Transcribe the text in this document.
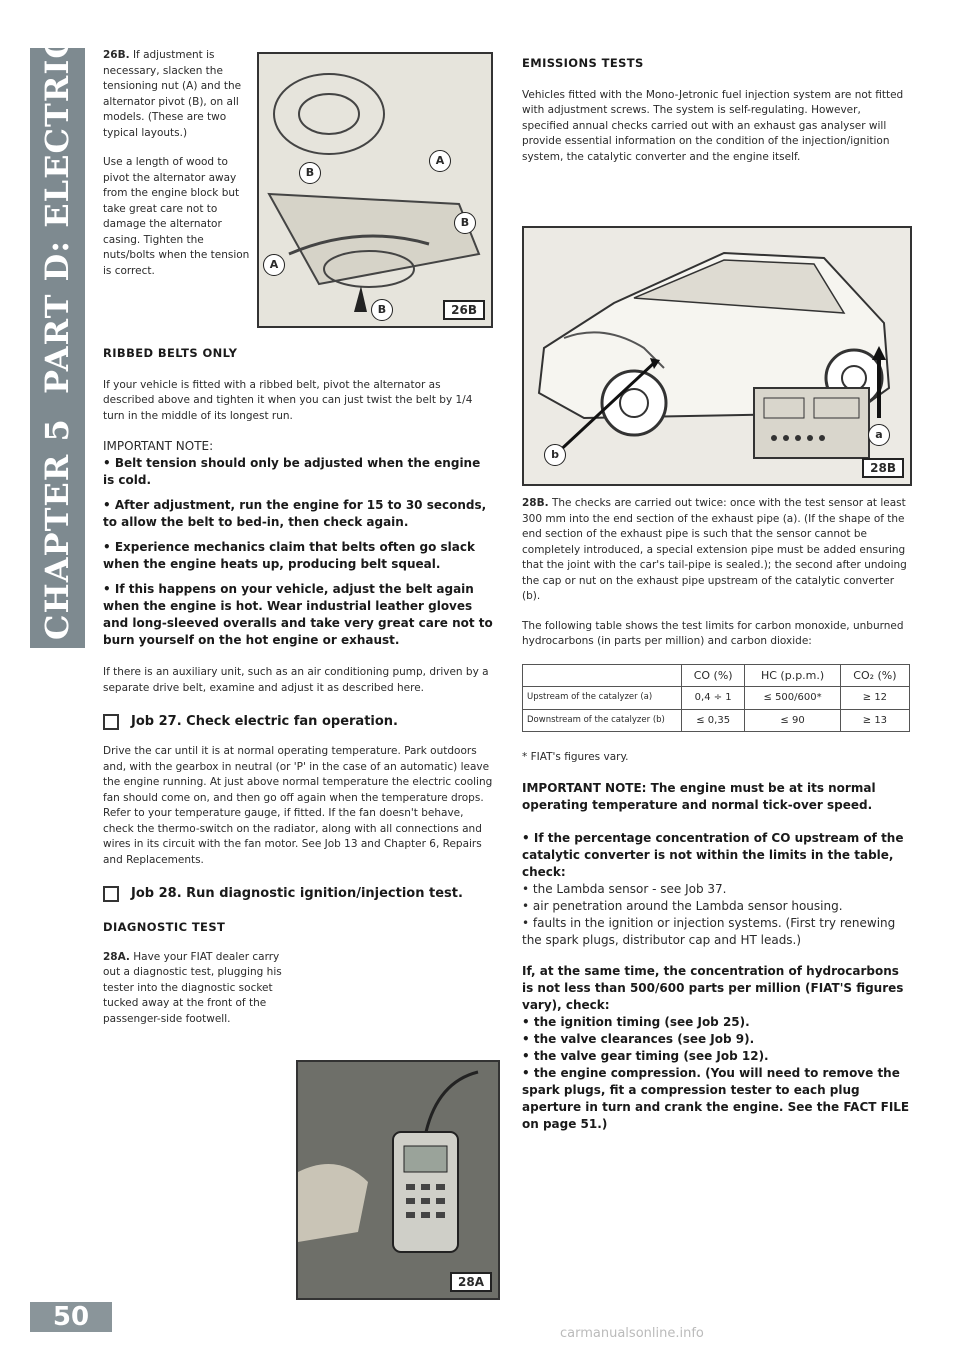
CHAPTER 5  PART D: ELECTRICS
50

26B. If adjustment is necessary, slacken the tensioning nut (A) and the alternator pivot (B), on all models. (These are two typical layouts.)

Use a length of wood to pivot the alternator away from the engine block but take great care not to damage the alternator casing. Tighten the nuts/bolts when the tension is correct.

A
B
B
A
B	26B

RIBBED BELTS ONLY

If your vehicle is fitted with a ribbed belt, pivot the alternator as described above and tighten it when you can just twist the belt by 1/4 turn in the middle of its longest run.

IMPORTANT NOTE:

• Belt tension should only be adjusted when the engine is cold.

• After adjustment, run the engine for 15 to 30 seconds, to allow the belt to bed-in, then check again.

• Experience mechanics claim that belts often go slack when the engine heats up, producing belt squeal.

• If this happens on your vehicle, adjust the belt again when the engine is hot. Wear industrial leather gloves and long-sleeved overalls and take very great care not to burn yourself on the hot engine or exhaust.

If there is an auxiliary unit, such as an air conditioning pump, driven by a separate drive belt, examine and adjust it as described here.

Job 27. Check electric fan operation.

Drive the car until it is at normal operating temperature. Park outdoors and, with the gearbox in neutral (or 'P' in the case of an automatic) leave the engine running. At just above normal temperature the electric cooling fan should come on, and then go off again when the temperature drops. Refer to your temperature gauge, if fitted. If the fan doesn't behave, check the thermo-switch on the radiator, along with all connections and wires in its circuit with the fan motor. See Job 13 and Chapter 6, Repairs and Replacements.

Job 28. Run diagnostic ignition/injection test.

DIAGNOSTIC TEST

28A. Have your FIAT dealer carry out a diagnostic test, plugging his tester into the diagnostic socket tucked away at the front of the passenger-side footwell.

28A

EMISSIONS TESTS

Vehicles fitted with the Mono-Jetronic fuel injection system are not fitted with adjustment screws. The system is self-regulating. However, specified annual checks carried out with an exhaust gas analyser will provide essential information on the condition of the injection/ignition system, the catalytic converter and the engine itself.

b
a
28B

28B. The checks are carried out twice: once with the test sensor at least 300 mm into the end section of the exhaust pipe (a). (If the shape of the end section of the exhaust pipe is such that the sensor cannot be completely introduced, a special extension pipe must be added ensuring that the joint with the car's tail-pipe is sealed.); the second after undoing the cap or nut on the exhaust pipe upstream of the catalytic converter (b).

The following table shows the test limits for carbon monoxide, unburned hydrocarbons (in parts per million) and carbon dioxide:

	CO (%)	HC (p.p.m.)	CO₂ (%)
Upstream of the catalyzer (a)	0,4 ÷ 1	≤ 500/600*	≥ 12
Downstream of the catalyzer (b)	≤ 0,35	≤ 90	≥ 13

* FIAT's figures vary.

IMPORTANT NOTE: The engine must be at its normal operating temperature and normal tick-over speed.

• If the percentage concentration of CO upstream of the catalytic converter is not within the limits in the table, check:

• the Lambda sensor - see Job 37.

• air penetration around the Lambda sensor housing.

• faults in the ignition or injection systems. (First try renewing the spark plugs, distributor cap and HT leads.)

If, at the same time, the concentration of hydrocarbons is not less than 500/600 parts per million (FIAT'S figures vary), check:

• the ignition timing (see Job 25).

• the valve clearances (see Job 9).

• the valve gear timing (see Job 12).

• the engine compression. (You will need to remove the spark plugs, fit a compression tester to each plug aperture in turn and crank the engine. See the FACT FILE on page 51.)

carmanualsonline.info
